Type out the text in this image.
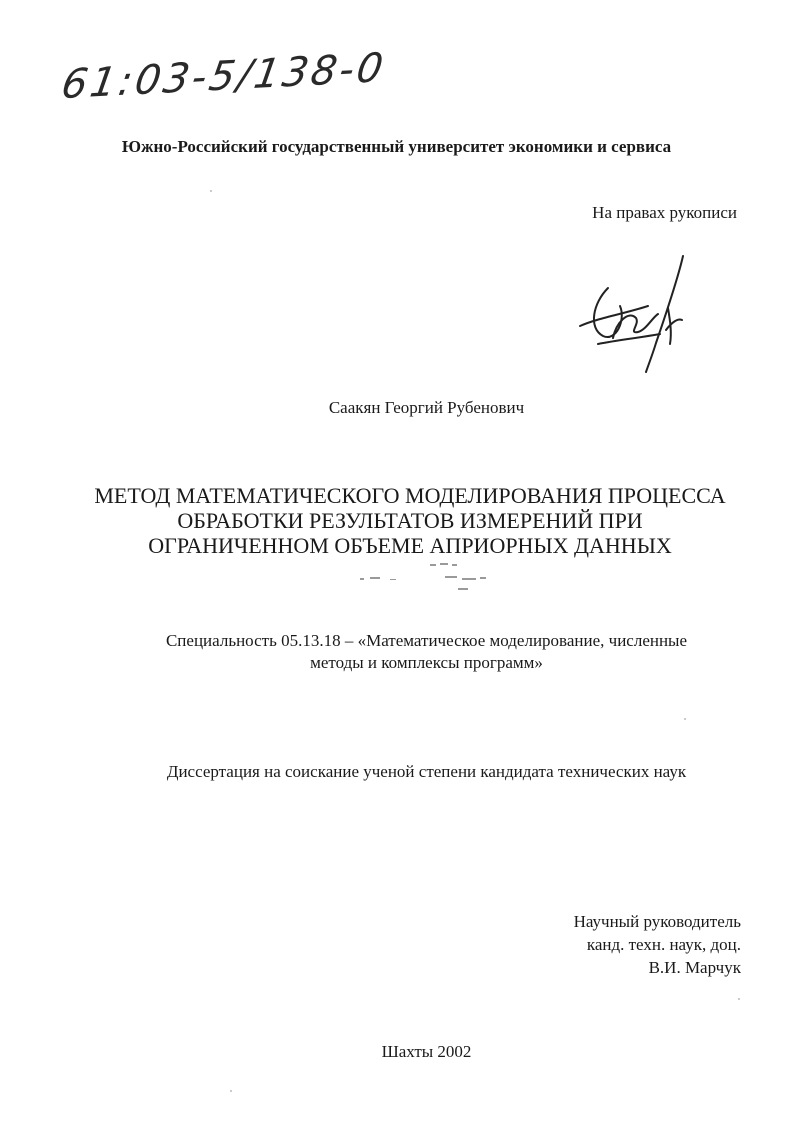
61:03-5/138-0
Южно-Российский государственный университет экономики и сервиса
На правах рукописи
Саакян Георгий Рубенович
МЕТОД МАТЕМАТИЧЕСКОГО МОДЕЛИРОВАНИЯ ПРОЦЕССА
ОБРАБОТКИ РЕЗУЛЬТАТОВ ИЗМЕРЕНИЙ ПРИ
ОГРАНИЧЕННОМ ОБЪЕМЕ АПРИОРНЫХ ДАННЫХ
Специальность 05.13.18 – «Математическое моделирование, численные
методы и комплексы программ»
Диссертация на соискание ученой степени кандидата технических наук
Научный руководитель
канд. техн. наук, доц.
В.И. Марчук
Шахты 2002
